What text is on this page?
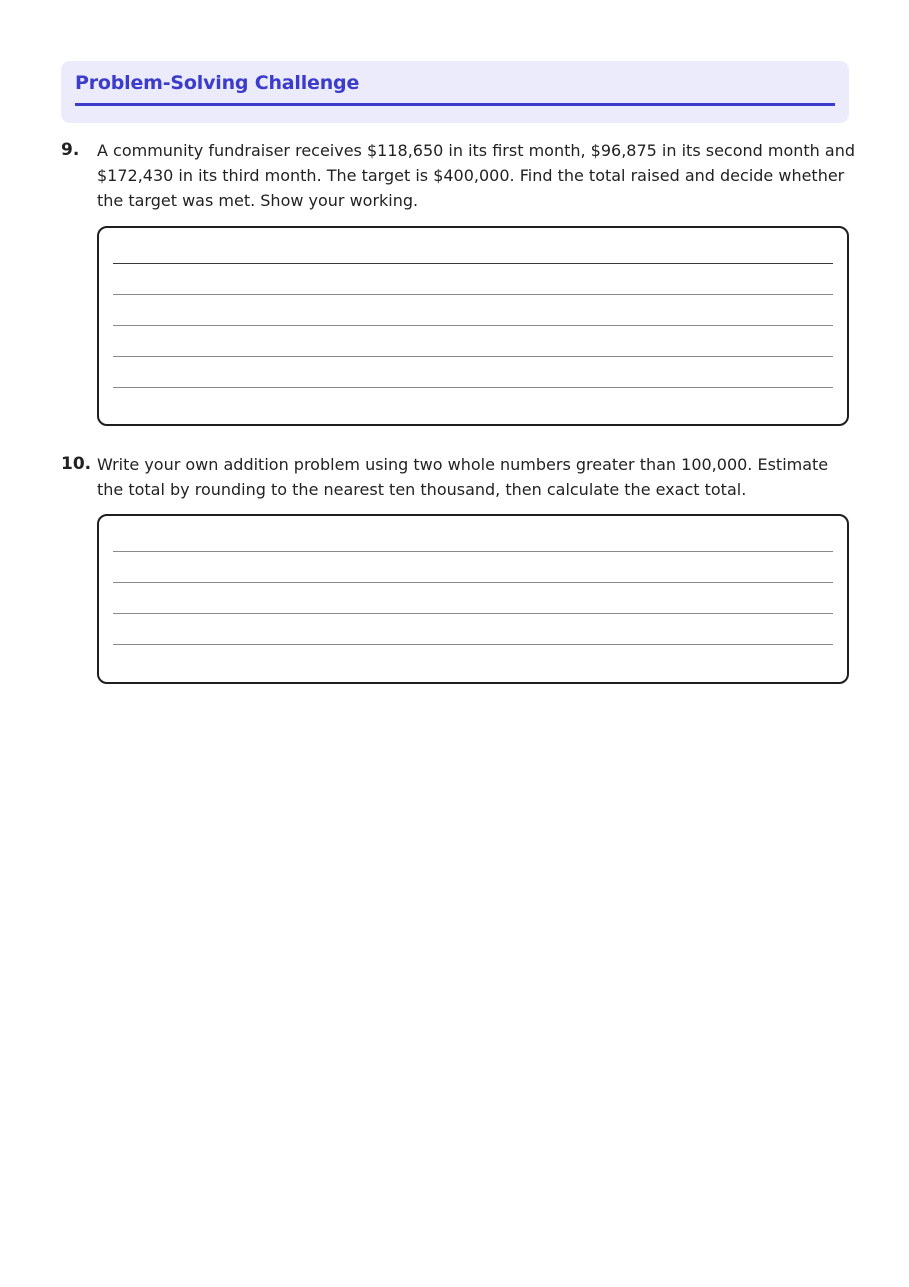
Problem-Solving Challenge
9. A community fundraiser receives $118,650 in its first month, $96,875 in its second month and $172,430 in its third month. The target is $400,000. Find the total raised and decide whether the target was met. Show your working.
10. Write your own addition problem using two whole numbers greater than 100,000. Estimate the total by rounding to the nearest ten thousand, then calculate the exact total.
